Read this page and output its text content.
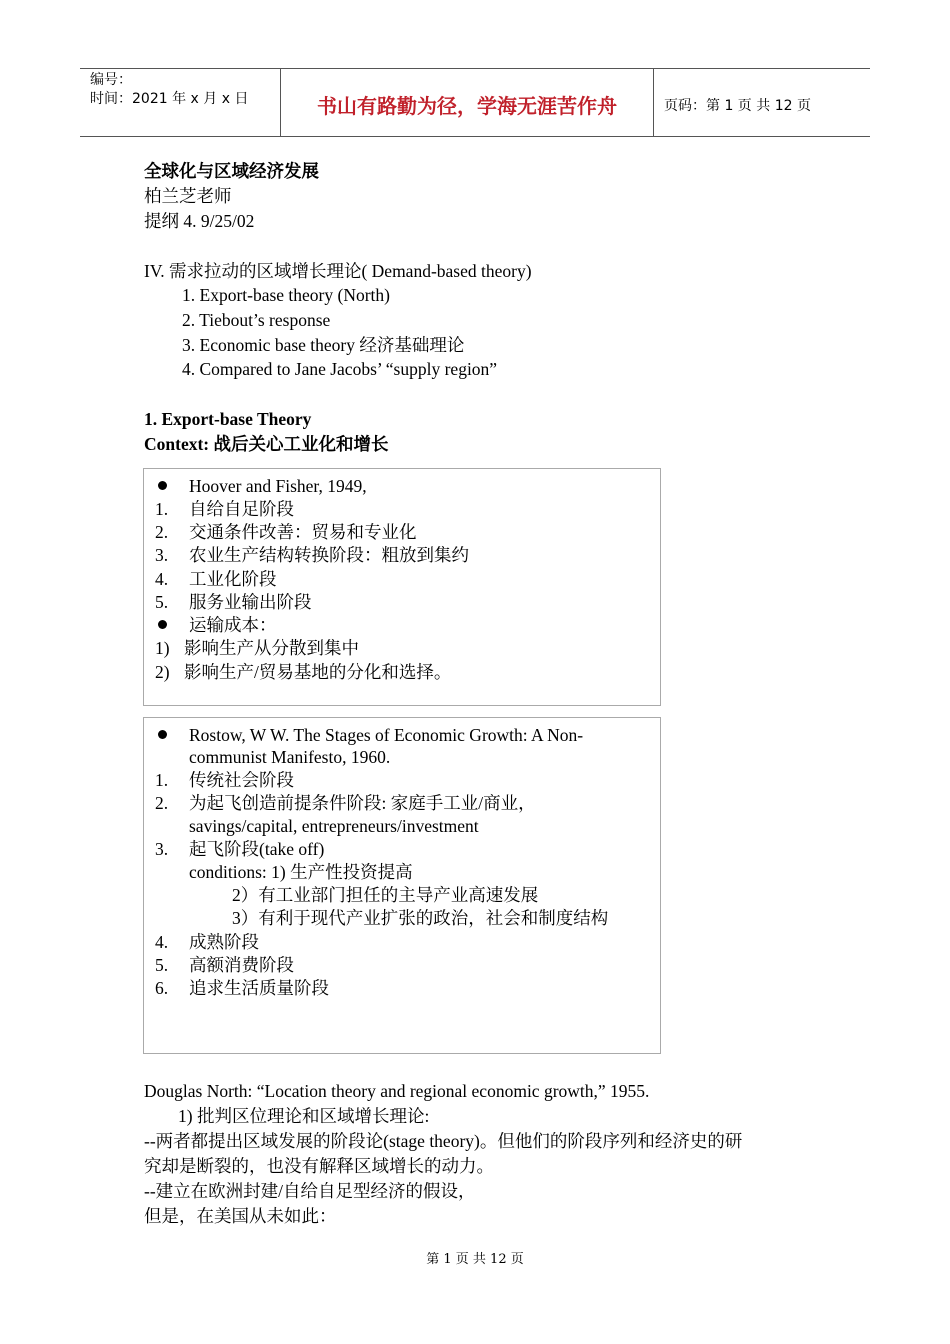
编号：
时间：2021 年 x 月 x 日	书山有路勤为径，学海无涯苦作舟	页码：第 1 页 共 12 页
全球化与区域经济发展
柏兰芝老师
提纲 4. 9/25/02
IV. 需求拉动的区域增长理论( Demand-based theory)
1. Export-base theory (North)
2. Tiebout’s response
3. Economic base theory 经济基础理论
4. Compared to Jane Jacobs’ “supply region”
1. Export-base Theory
Context: 战后关心工业化和增长
Hoover and Fisher, 1949,
1. 自给自足阶段
2. 交通条件改善：贸易和专业化
3. 农业生产结构转换阶段：粗放到集约
4. 工业化阶段
5. 服务业输出阶段
运输成本：
1) 影响生产从分散到集中
2) 影响生产/贸易基地的分化和选择。
Rostow, W W. The Stages of Economic Growth: A Non-
communist Manifesto, 1960.
1. 传统社会阶段
2. 为起飞创造前提条件阶段: 家庭手工业/商业，
savings/capital, entrepreneurs/investment
3. 起飞阶段(take off)
conditions: 1) 生产性投资提高
2）有工业部门担任的主导产业高速发展
3）有利于现代产业扩张的政治，社会和制度结构
4. 成熟阶段
5. 高额消费阶段
6. 追求生活质量阶段
Douglas North: “Location theory and regional economic growth,” 1955.
1) 批判区位理论和区域增长理论:
--两者都提出区域发展的阶段论(stage theory)。但他们的阶段序列和经济史的研
究却是断裂的，也没有解释区域增长的动力。
--建立在欧洲封建/自给自足型经济的假设，
但是，在美国从未如此：
第 1 页 共 12 页
